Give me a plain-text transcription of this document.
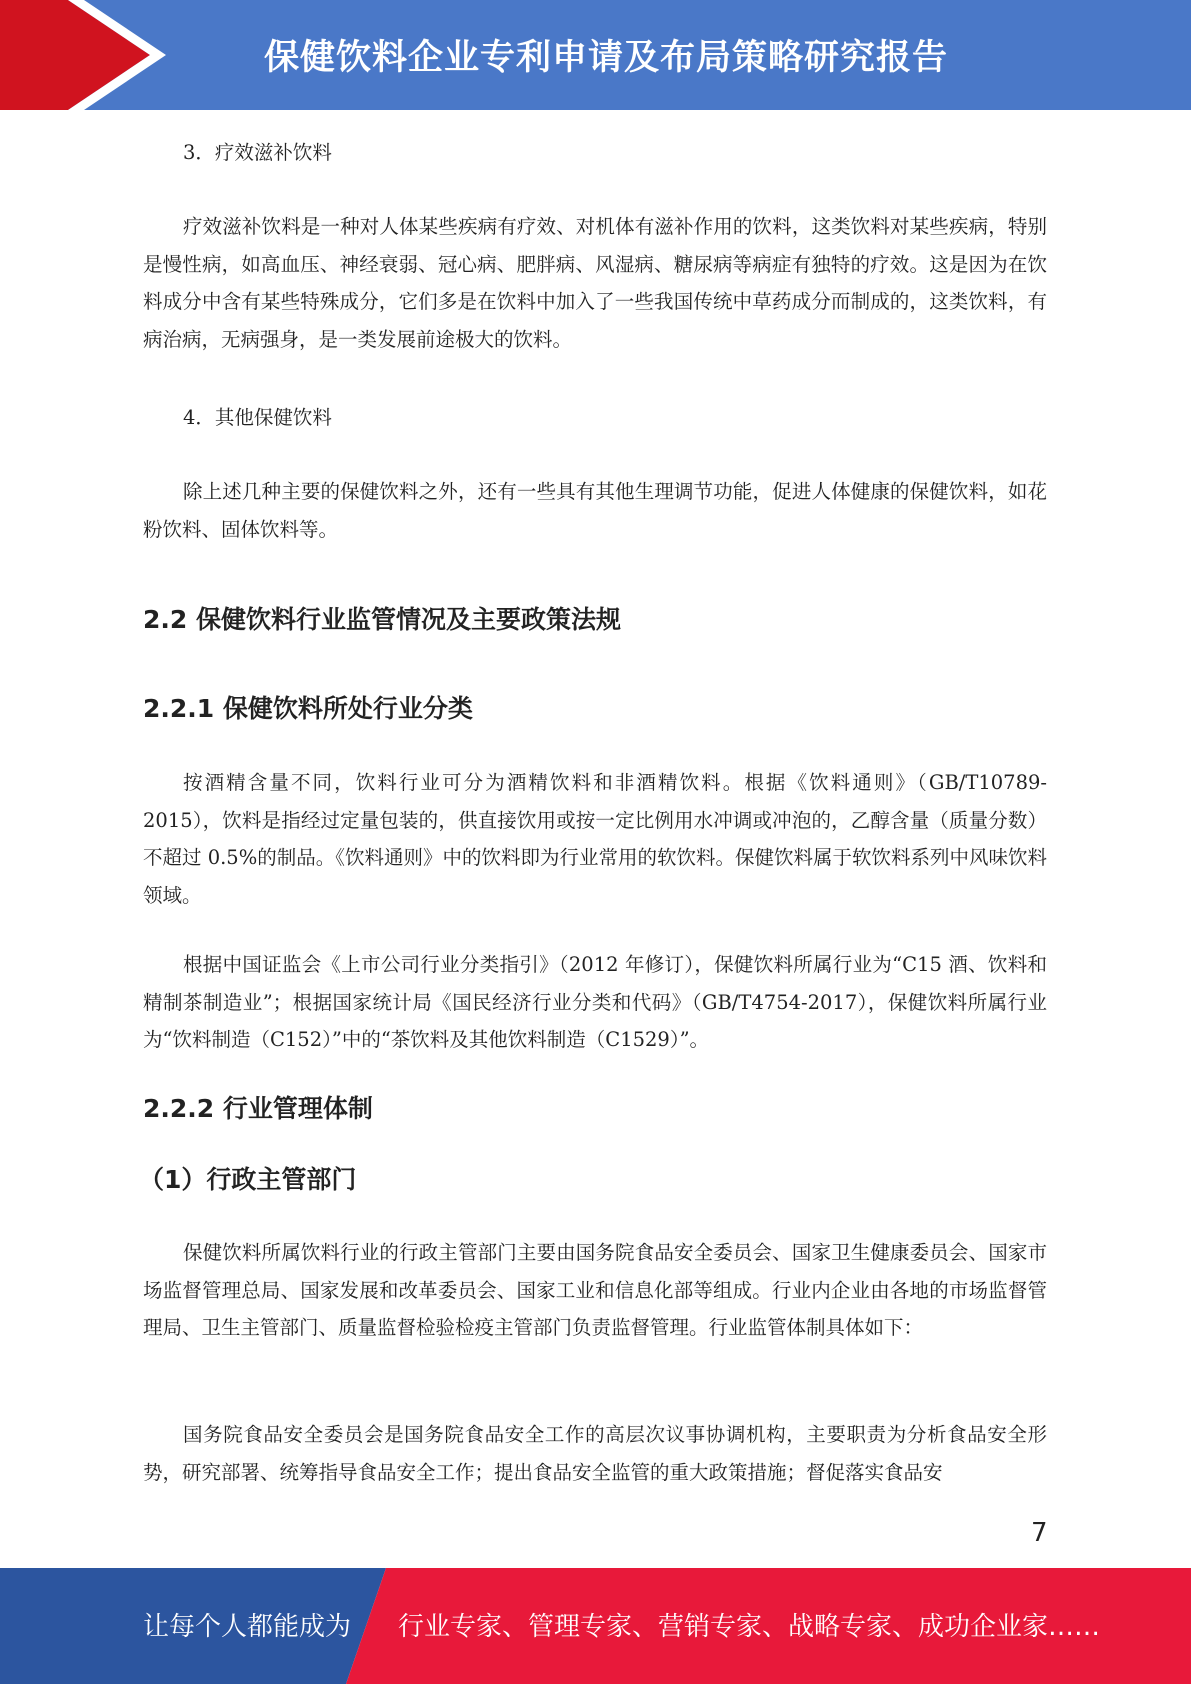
保健饮料企业专利申请及布局策略研究报告

3．疗效滋补饮料

疗效滋补饮料是一种对人体某些疾病有疗效、对机体有滋补作用的饮料，这类饮料对某些疾病，特别是慢性病，如高血压、神经衰弱、冠心病、肥胖病、风湿病、糖尿病等病症有独特的疗效。这是因为在饮料成分中含有某些特殊成分，它们多是在饮料中加入了一些我国传统中草药成分而制成的，这类饮料，有病治病，无病强身，是一类发展前途极大的饮料。

4．其他保健饮料

除上述几种主要的保健饮料之外，还有一些具有其他生理调节功能，促进人体健康的保健饮料，如花粉饮料、固体饮料等。

2.2 保健饮料行业监管情况及主要政策法规
2.2.1 保健饮料所处行业分类

按酒精含量不同，饮料行业可分为酒精饮料和非酒精饮料。根据《饮料通则》（GB/T10789-2015），饮料是指经过定量包装的，供直接饮用或按一定比例用水冲调或冲泡的，乙醇含量（质量分数）不超过 0.5%的制品。《饮料通则》中的饮料即为行业常用的软饮料。保健饮料属于软饮料系列中风味饮料领域。

根据中国证监会《上市公司行业分类指引》（2012 年修订），保健饮料所属行业为“C15 酒、饮料和精制茶制造业”；根据国家统计局《国民经济行业分类和代码》（GB/T4754-2017），保健饮料所属行业为“饮料制造（C152）”中的“茶饮料及其他饮料制造（C1529）”。

2.2.2 行业管理体制
（1）行政主管部门

保健饮料所属饮料行业的行政主管部门主要由国务院食品安全委员会、国家卫生健康委员会、国家市场监督管理总局、国家发展和改革委员会、国家工业和信息化部等组成。行业内企业由各地的市场监督管理局、卫生主管部门、质量监督检验检疫主管部门负责监督管理。行业监管体制具体如下：

国务院食品安全委员会是国务院食品安全工作的高层次议事协调机构，主要职责为分析食品安全形势，研究部署、统筹指导食品安全工作；提出食品安全监管的重大政策措施；督促落实食品安

7
让每个人都能成为 行业专家、管理专家、营销专家、战略专家、成功企业家……
